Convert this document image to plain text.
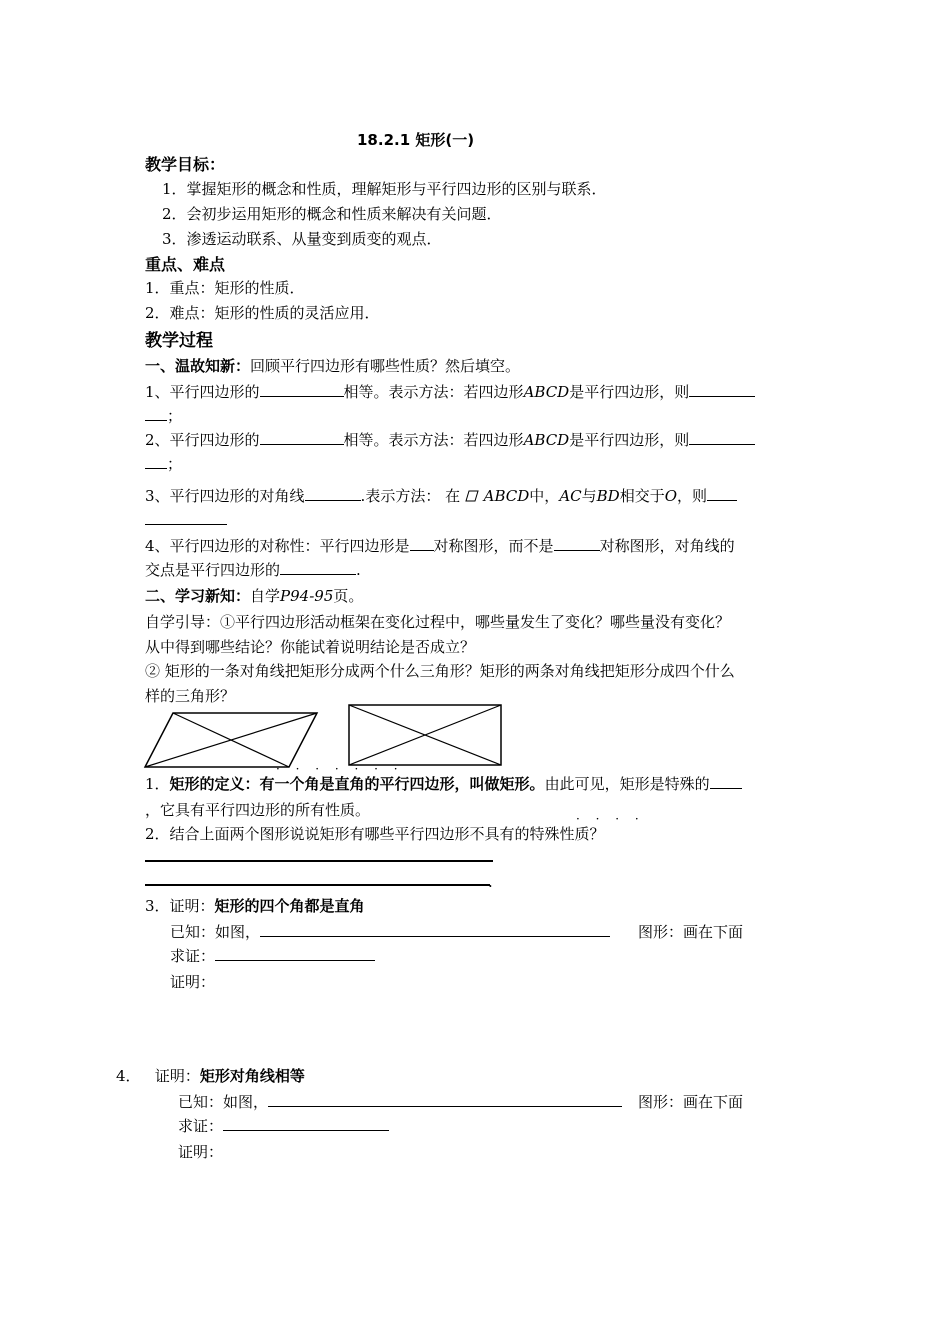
18.2.1 矩形(一)
教学目标：
1．掌握矩形的概念和性质，理解矩形与平行四边形的区别与联系．
2．会初步运用矩形的概念和性质来解决有关问题．
3．渗透运动联系、从量变到质变的观点．
重点、难点
1．重点：矩形的性质．
2．难点：矩形的性质的灵活应用．
教学过程
一、温故知新：回顾平行四边形有哪些性质？然后填空。
1、平行四边形的	相等。表示方法：若四边形ABCD是平行四边形，则
；
2、平行四边形的	相等。表示方法：若四边形ABCD是平行四边形，则
；
3、平行四边形的对角线	.表示方法： 在 ABCD中，AC与BD相交于O，则
4、平行四边形的对称性：平行四边形是 对称图形，而不是	对称图形，对角线的
交点是平行四边形的	.
二、学习新知：自学P94-95页。
自学引导：①平行四边形活动框架在变化过程中，哪些量发生了变化？哪些量没有变化？
从中得到哪些结论？你能试着说明结论是否成立？
② 矩形的一条对角线把矩形分成两个什么三角形？矩形的两条对角线把矩形分成四个什么
样的三角形？
· · · · · · ·
1．矩形的定义：有一个角是直角的平行四边形，叫做矩形。由此可见，矩形是特殊的
，它具有平行四边形的所有性质。	· · · ·
2．结合上面两个图形说说矩形有哪些平行四边形不具有的特殊性质？
.
3．证明：矩形的四个角都是直角
已知：如图，	图形：画在下面
求证：
证明：
4． 证明：矩形对角线相等
已知：如图，	图形：画在下面
求证：
证明：
